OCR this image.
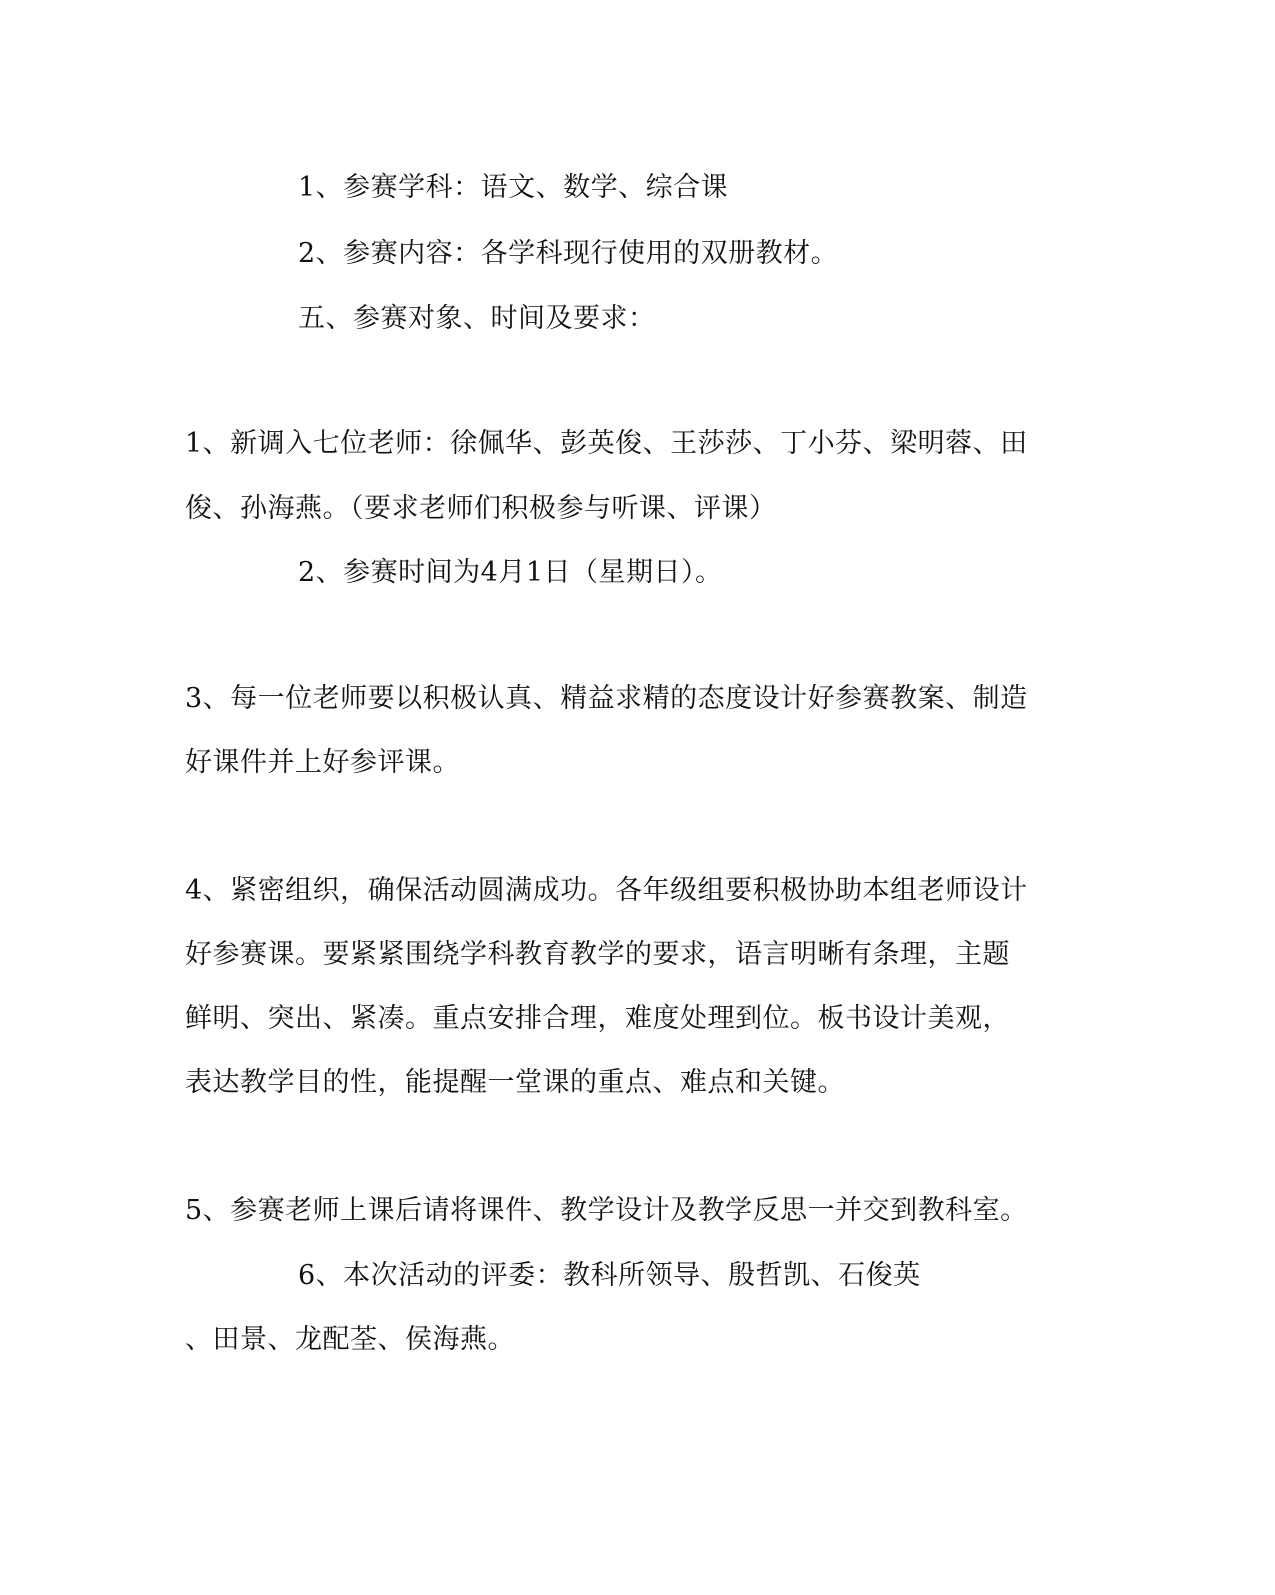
1、参赛学科：语文、数学、综合课
2、参赛内容：各学科现行使用的双册教材。
五、参赛对象、时间及要求：
1、新调入七位老师：徐佩华、彭英俊、王莎莎、丁小芬、梁明蓉、田
俊、孙海燕。（要求老师们积极参与听课、评课）
2、参赛时间为4月1日（星期日）。
3、每一位老师要以积极认真、精益求精的态度设计好参赛教案、制造
好课件并上好参评课。
4、紧密组织，确保活动圆满成功。各年级组要积极协助本组老师设计
好参赛课。要紧紧围绕学科教育教学的要求，语言明晰有条理，主题
鲜明、突出、紧凑。重点安排合理，难度处理到位。板书设计美观，
表达教学目的性，能提醒一堂课的重点、难点和关键。
5、参赛老师上课后请将课件、教学设计及教学反思一并交到教科室。
6、本次活动的评委：教科所领导、殷哲凯、石俊英
、田景、龙配荃、侯海燕。
